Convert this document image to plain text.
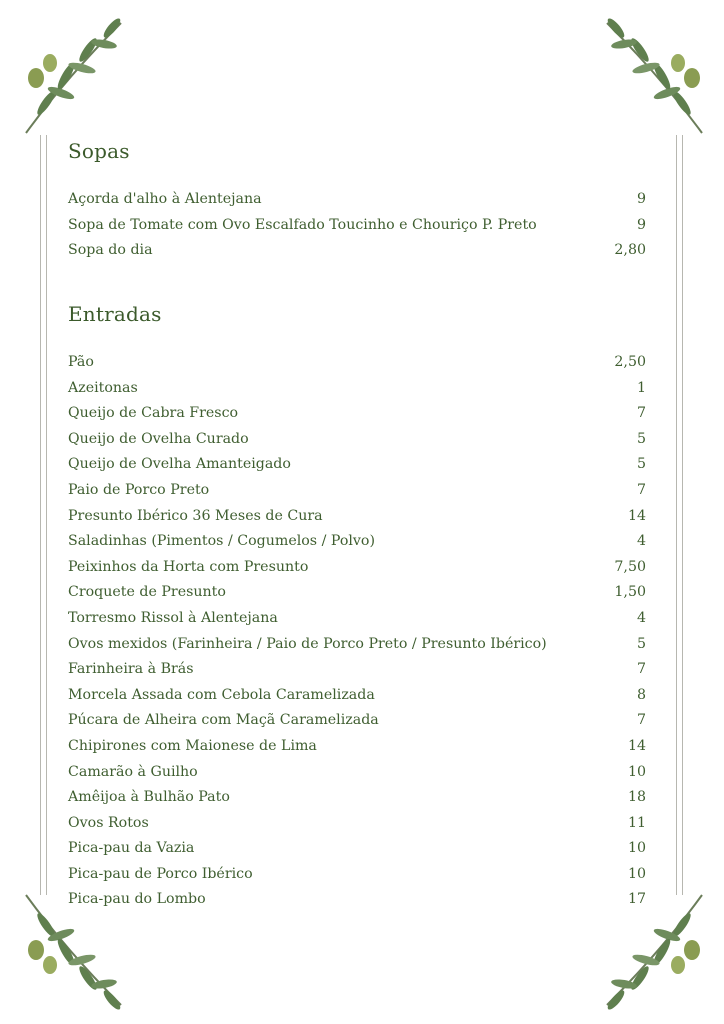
Sopas
Açorda d'alho à Alentejana	9
Sopa de Tomate com Ovo Escalfado Toucinho e Chouriço P. Preto	9
Sopa do dia	2,80
Entradas
Pão	2,50
Azeitonas	1
Queijo de Cabra Fresco	7
Queijo de Ovelha Curado	5
Queijo de Ovelha Amanteigado	5
Paio de Porco Preto	7
Presunto Ibérico 36 Meses de Cura	14
Saladinhas (Pimentos / Cogumelos / Polvo)	4
Peixinhos da Horta com Presunto	7,50
Croquete de Presunto	1,50
Torresmo Rissol à Alentejana	4
Ovos mexidos (Farinheira / Paio de Porco Preto / Presunto Ibérico)	5
Farinheira à Brás	7
Morcela Assada com Cebola Caramelizada	8
Púcara de Alheira com Maçã Caramelizada	7
Chipirones com Maionese de Lima	14
Camarão à Guilho	10
Amêijoa à Bulhão Pato	18
Ovos Rotos	11
Pica-pau da Vazia	10
Pica-pau de Porco Ibérico	10
Pica-pau do Lombo	17
